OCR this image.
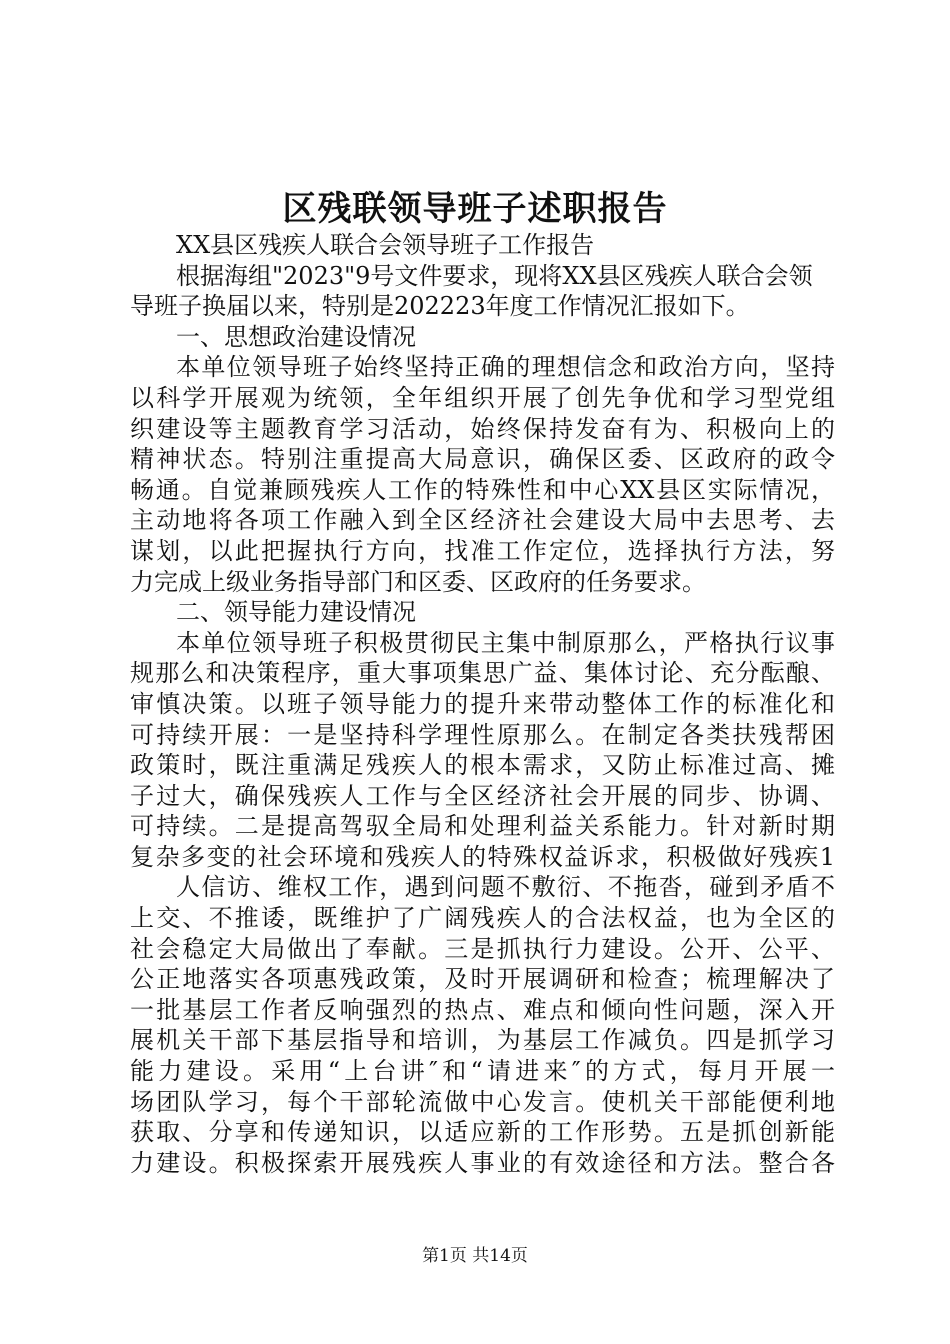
区残联领导班子述职报告
XX县区残疾人联合会领导班子工作报告
根据海组"2023"9号文件要求，现将XX县区残疾人联合会领
导班子换届以来，特别是202223年度工作情况汇报如下。
一、思想政治建设情况
本单位领导班子始终坚持正确的理想信念和政治方向，坚持
以科学开展观为统领，全年组织开展了创先争优和学习型党组
织建设等主题教育学习活动，始终保持发奋有为、积极向上的
精神状态。特别注重提高大局意识，确保区委、区政府的政令
畅通。自觉兼顾残疾人工作的特殊性和中心XX县区实际情况，
主动地将各项工作融入到全区经济社会建设大局中去思考、去
谋划，以此把握执行方向，找准工作定位，选择执行方法，努
力完成上级业务指导部门和区委、区政府的任务要求。
二、领导能力建设情况
本单位领导班子积极贯彻民主集中制原那么，严格执行议事
规那么和决策程序，重大事项集思广益、集体讨论、充分酝酿、
审慎决策。以班子领导能力的提升来带动整体工作的标准化和
可持续开展：一是坚持科学理性原那么。在制定各类扶残帮困
政策时，既注重满足残疾人的根本需求，又防止标准过高、摊
子过大，确保残疾人工作与全区经济社会开展的同步、协调、
可持续。二是提高驾驭全局和处理利益关系能力。针对新时期
复杂多变的社会环境和残疾人的特殊权益诉求，积极做好残疾1
人信访、维权工作，遇到问题不敷衍、不拖沓，碰到矛盾不
上交、不推诿，既维护了广阔残疾人的合法权益，也为全区的
社会稳定大局做出了奉献。三是抓执行力建设。公开、公平、
公正地落实各项惠残政策，及时开展调研和检查；梳理解决了
一批基层工作者反响强烈的热点、难点和倾向性问题，深入开
展机关干部下基层指导和培训，为基层工作减负。四是抓学习
能力建设。采用“上台讲″和“请进来″的方式，每月开展一
场团队学习，每个干部轮流做中心发言。使机关干部能便利地
获取、分享和传递知识，以适应新的工作形势。五是抓创新能
力建设。积极探索开展残疾人事业的有效途径和方法。整合各
第1页 共14页
